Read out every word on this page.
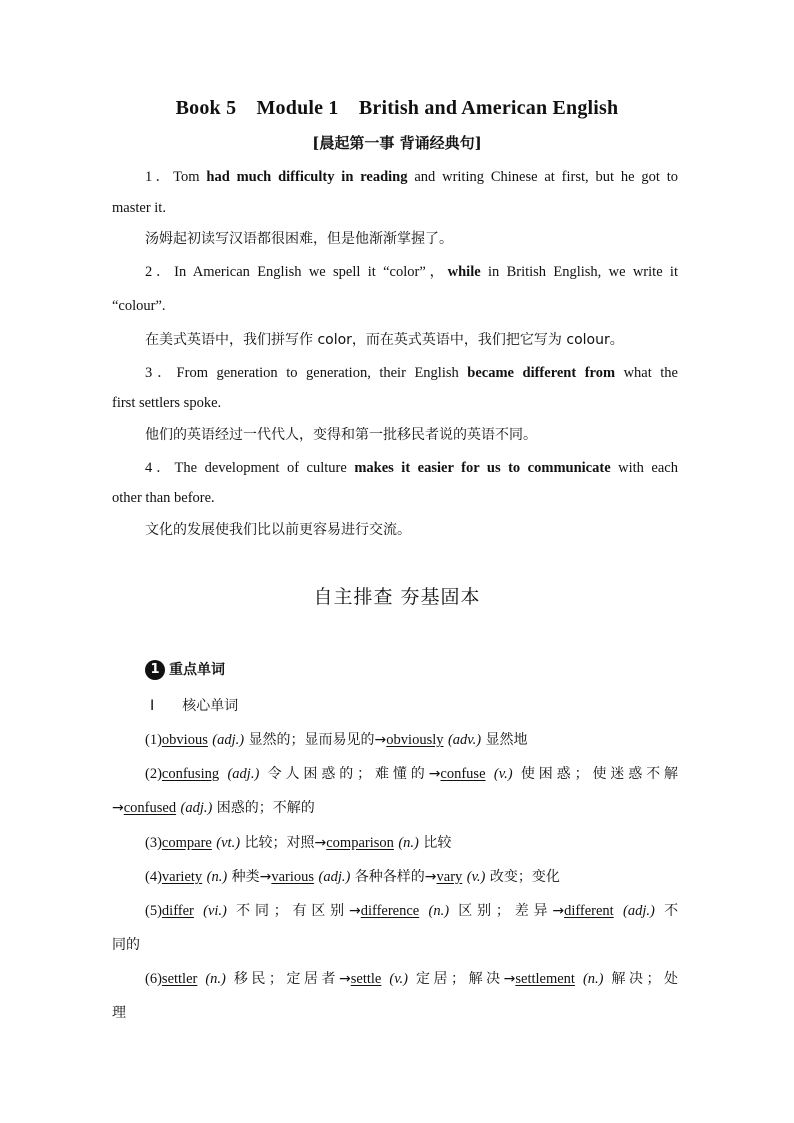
Book 5 Module 1 British and American English
[晨起第一事 背诵经典句]
1．Tom had much difficulty in reading and writing Chinese at first, but he got to
master it.
汤姆起初读写汉语都很困难，但是他渐渐掌握了。
2．In American English we spell it “color”，while in British English, we write it
“colour”.
在美式英语中，我们拼写作 color，而在英式英语中，我们把它写为 colour。
3．From generation to generation, their English became different from what the
first settlers spoke.
他们的英语经过一代代人，变得和第一批移民者说的英语不同。
4．The development of culture makes it easier for us to communicate with each
other than before.
文化的发展使我们比以前更容易进行交流。
自主排查 夯基固本
1 重点单词
Ⅰ 核心单词
(1)obvious (adj.) 显然的；显而易见的→obviously (adv.) 显然地
(2)confusing (adj.) 令人困惑的；难懂的→confuse (v.) 使困惑；使迷惑不解
→confused (adj.) 困惑的；不解的
(3)compare (vt.) 比较；对照→comparison (n.) 比较
(4)variety (n.) 种类→various (adj.) 各种各样的→vary (v.) 改变；变化
(5)differ (vi.) 不同；有区别→difference (n.) 区别；差异→different (adj.) 不
同的
(6)settler (n.) 移民；定居者→settle (v.) 定居；解决→settlement (n.) 解决；处
理
